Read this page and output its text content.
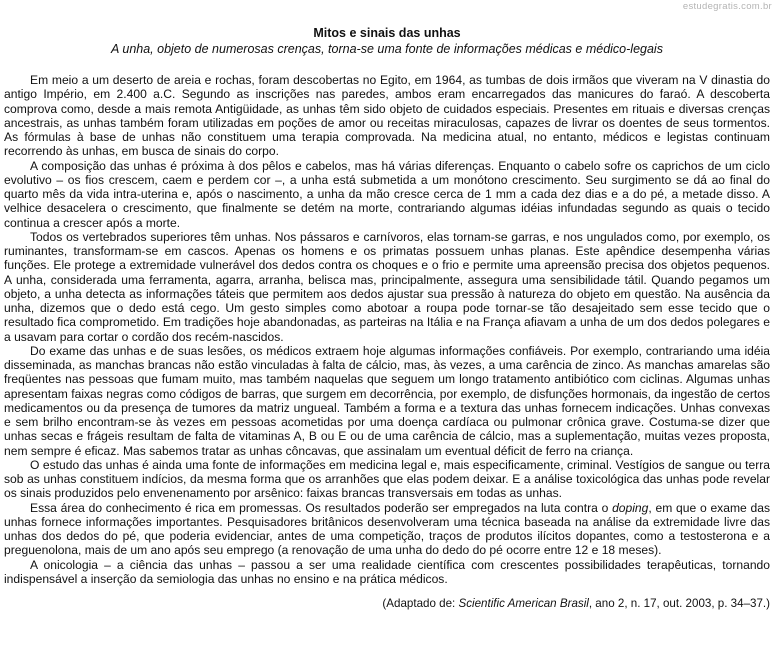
estudegratis.com.br
Mitos e sinais das unhas

A unha, objeto de numerosas crenças, torna-se uma fonte de informações médicas e médico-legais

Em meio a um deserto de areia e rochas, foram descobertas no Egito, em 1964, as tumbas de dois irmãos que viveram na V dinastia do antigo Império, em 2.400 a.C. Segundo as inscrições nas paredes, ambos eram encarregados das manicures do faraó. A descoberta comprova como, desde a mais remota Antigüidade, as unhas têm sido objeto de cuidados especiais. Presentes em rituais e diversas crenças ancestrais, as unhas também foram utilizadas em poções de amor ou receitas miraculosas, capazes de livrar os doentes de seus tormentos. As fórmulas à base de unhas não constituem uma terapia comprovada. Na medicina atual, no entanto, médicos e legistas continuam recorrendo às unhas, em busca de sinais do corpo.

A composição das unhas é próxima à dos pêlos e cabelos, mas há várias diferenças. Enquanto o cabelo sofre os caprichos de um ciclo evolutivo – os fios crescem, caem e perdem cor –, a unha está submetida a um monótono crescimento. Seu surgimento se dá ao final do quarto mês da vida intra-uterina e, após o nascimento, a unha da mão cresce cerca de 1 mm a cada dez dias e a do pé, a metade disso. A velhice desacelera o crescimento, que finalmente se detém na morte, contrariando algumas idéias infundadas segundo as quais o tecido continua a crescer após a morte.

Todos os vertebrados superiores têm unhas. Nos pássaros e carnívoros, elas tornam-se garras, e nos ungulados como, por exemplo, os ruminantes, transformam-se em cascos. Apenas os homens e os primatas possuem unhas planas. Este apêndice desempenha várias funções. Ele protege a extremidade vulnerável dos dedos contra os choques e o frio e permite uma apreensão precisa dos objetos pequenos. A unha, considerada uma ferramenta, agarra, arranha, belisca mas, principalmente, assegura uma sensibilidade tátil. Quando pegamos um objeto, a unha detecta as informações táteis que permitem aos dedos ajustar sua pressão à natureza do objeto em questão. Na ausência da unha, dizemos que o dedo está cego. Um gesto simples como abotoar a roupa pode tornar-se tão desajeitado sem esse tecido que o resultado fica comprometido. Em tradições hoje abandonadas, as parteiras na Itália e na França afiavam a unha de um dos dedos polegares e a usavam para cortar o cordão dos recém-nascidos.

Do exame das unhas e de suas lesões, os médicos extraem hoje algumas informações confiáveis. Por exemplo, contrariando uma idéia disseminada, as manchas brancas não estão vinculadas à falta de cálcio, mas, às vezes, a uma carência de zinco. As manchas amarelas são freqüentes nas pessoas que fumam muito, mas também naquelas que seguem um longo tratamento antibiótico com ciclinas. Algumas unhas apresentam faixas negras como códigos de barras, que surgem em decorrência, por exemplo, de disfunções hormonais, da ingestão de certos medicamentos ou da presença de tumores da matriz ungueal. Também a forma e a textura das unhas fornecem indicações. Unhas convexas e sem brilho encontram-se às vezes em pessoas acometidas por uma doença cardíaca ou pulmonar crônica grave. Costuma-se dizer que unhas secas e frágeis resultam de falta de vitaminas A, B ou E ou de uma carência de cálcio, mas a suplementação, muitas vezes proposta, nem sempre é eficaz. Mas sabemos tratar as unhas côncavas, que assinalam um eventual déficit de ferro na criança.

O estudo das unhas é ainda uma fonte de informações em medicina legal e, mais especificamente, criminal. Vestígios de sangue ou terra sob as unhas constituem indícios, da mesma forma que os arranhões que elas podem deixar. E a análise toxicológica das unhas pode revelar os sinais produzidos pelo envenenamento por arsênico: faixas brancas transversais em todas as unhas.

Essa área do conhecimento é rica em promessas. Os resultados poderão ser empregados na luta contra o doping, em que o exame das unhas fornece informações importantes. Pesquisadores britânicos desenvolveram uma técnica baseada na análise da extremidade livre das unhas dos dedos do pé, que poderia evidenciar, antes de uma competição, traços de produtos ilícitos dopantes, como a testosterona e a preguenolona, mais de um ano após seu emprego (a renovação de uma unha do dedo do pé ocorre entre 12 e 18 meses).

A onicologia – a ciência das unhas – passou a ser uma realidade científica com crescentes possibilidades terapêuticas, tornando indispensável a inserção da semiologia das unhas no ensino e na prática médicos.

(Adaptado de: Scientific American Brasil, ano 2, n. 17, out. 2003, p. 34–37.)
